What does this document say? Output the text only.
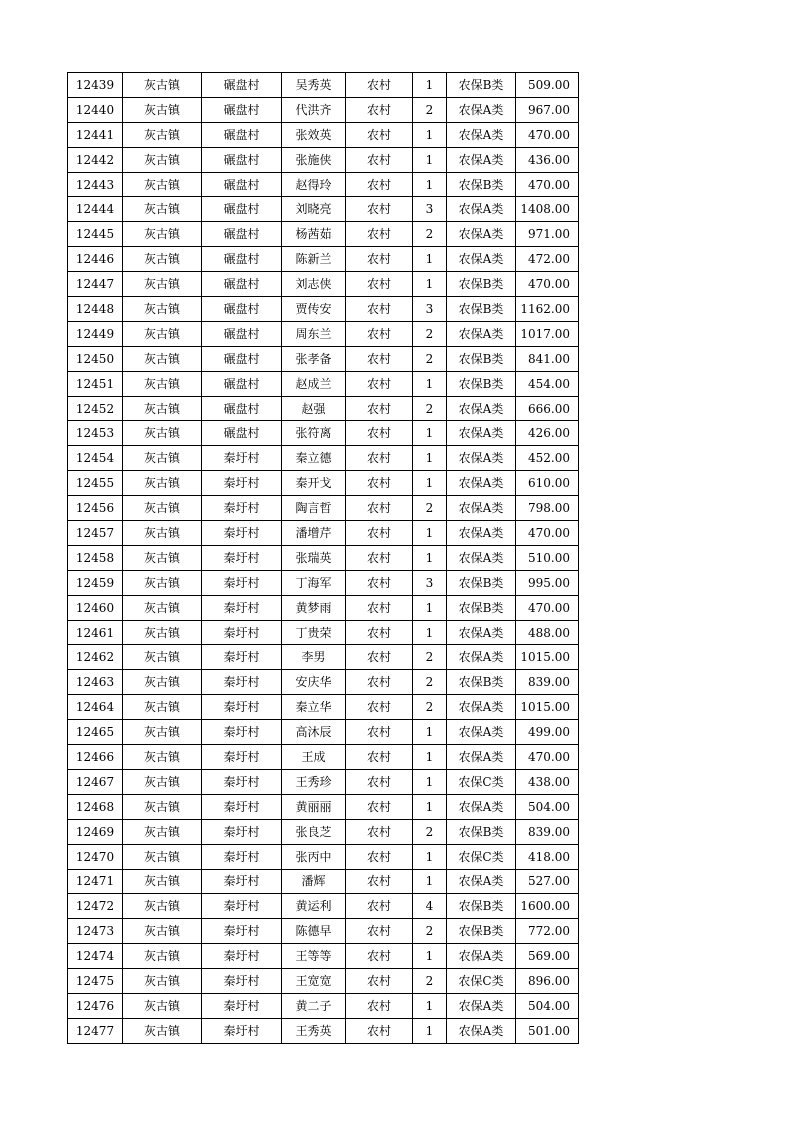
12439	灰古镇	碾盘村	吴秀英	农村	1	农保B类	509.00
12440	灰古镇	碾盘村	代洪齐	农村	2	农保A类	967.00
12441	灰古镇	碾盘村	张效英	农村	1	农保A类	470.00
12442	灰古镇	碾盘村	张施侠	农村	1	农保A类	436.00
12443	灰古镇	碾盘村	赵得玲	农村	1	农保B类	470.00
12444	灰古镇	碾盘村	刘晓亮	农村	3	农保A类	1408.00
12445	灰古镇	碾盘村	杨茜茹	农村	2	农保A类	971.00
12446	灰古镇	碾盘村	陈新兰	农村	1	农保A类	472.00
12447	灰古镇	碾盘村	刘志侠	农村	1	农保B类	470.00
12448	灰古镇	碾盘村	贾传安	农村	3	农保B类	1162.00
12449	灰古镇	碾盘村	周东兰	农村	2	农保A类	1017.00
12450	灰古镇	碾盘村	张孝备	农村	2	农保B类	841.00
12451	灰古镇	碾盘村	赵成兰	农村	1	农保B类	454.00
12452	灰古镇	碾盘村	赵强	农村	2	农保A类	666.00
12453	灰古镇	碾盘村	张符离	农村	1	农保A类	426.00
12454	灰古镇	秦圩村	秦立德	农村	1	农保A类	452.00
12455	灰古镇	秦圩村	秦开戈	农村	1	农保A类	610.00
12456	灰古镇	秦圩村	陶言哲	农村	2	农保A类	798.00
12457	灰古镇	秦圩村	潘增芹	农村	1	农保A类	470.00
12458	灰古镇	秦圩村	张瑞英	农村	1	农保A类	510.00
12459	灰古镇	秦圩村	丁海军	农村	3	农保B类	995.00
12460	灰古镇	秦圩村	黄梦雨	农村	1	农保B类	470.00
12461	灰古镇	秦圩村	丁贵荣	农村	1	农保A类	488.00
12462	灰古镇	秦圩村	李男	农村	2	农保A类	1015.00
12463	灰古镇	秦圩村	安庆华	农村	2	农保B类	839.00
12464	灰古镇	秦圩村	秦立华	农村	2	农保A类	1015.00
12465	灰古镇	秦圩村	高沐辰	农村	1	农保A类	499.00
12466	灰古镇	秦圩村	王成	农村	1	农保A类	470.00
12467	灰古镇	秦圩村	王秀珍	农村	1	农保C类	438.00
12468	灰古镇	秦圩村	黄丽丽	农村	1	农保A类	504.00
12469	灰古镇	秦圩村	张良芝	农村	2	农保B类	839.00
12470	灰古镇	秦圩村	张丙中	农村	1	农保C类	418.00
12471	灰古镇	秦圩村	潘辉	农村	1	农保A类	527.00
12472	灰古镇	秦圩村	黄运利	农村	4	农保B类	1600.00
12473	灰古镇	秦圩村	陈德早	农村	2	农保B类	772.00
12474	灰古镇	秦圩村	王等等	农村	1	农保A类	569.00
12475	灰古镇	秦圩村	王宽宽	农村	2	农保C类	896.00
12476	灰古镇	秦圩村	黄二子	农村	1	农保A类	504.00
12477	灰古镇	秦圩村	王秀英	农村	1	农保A类	501.00
